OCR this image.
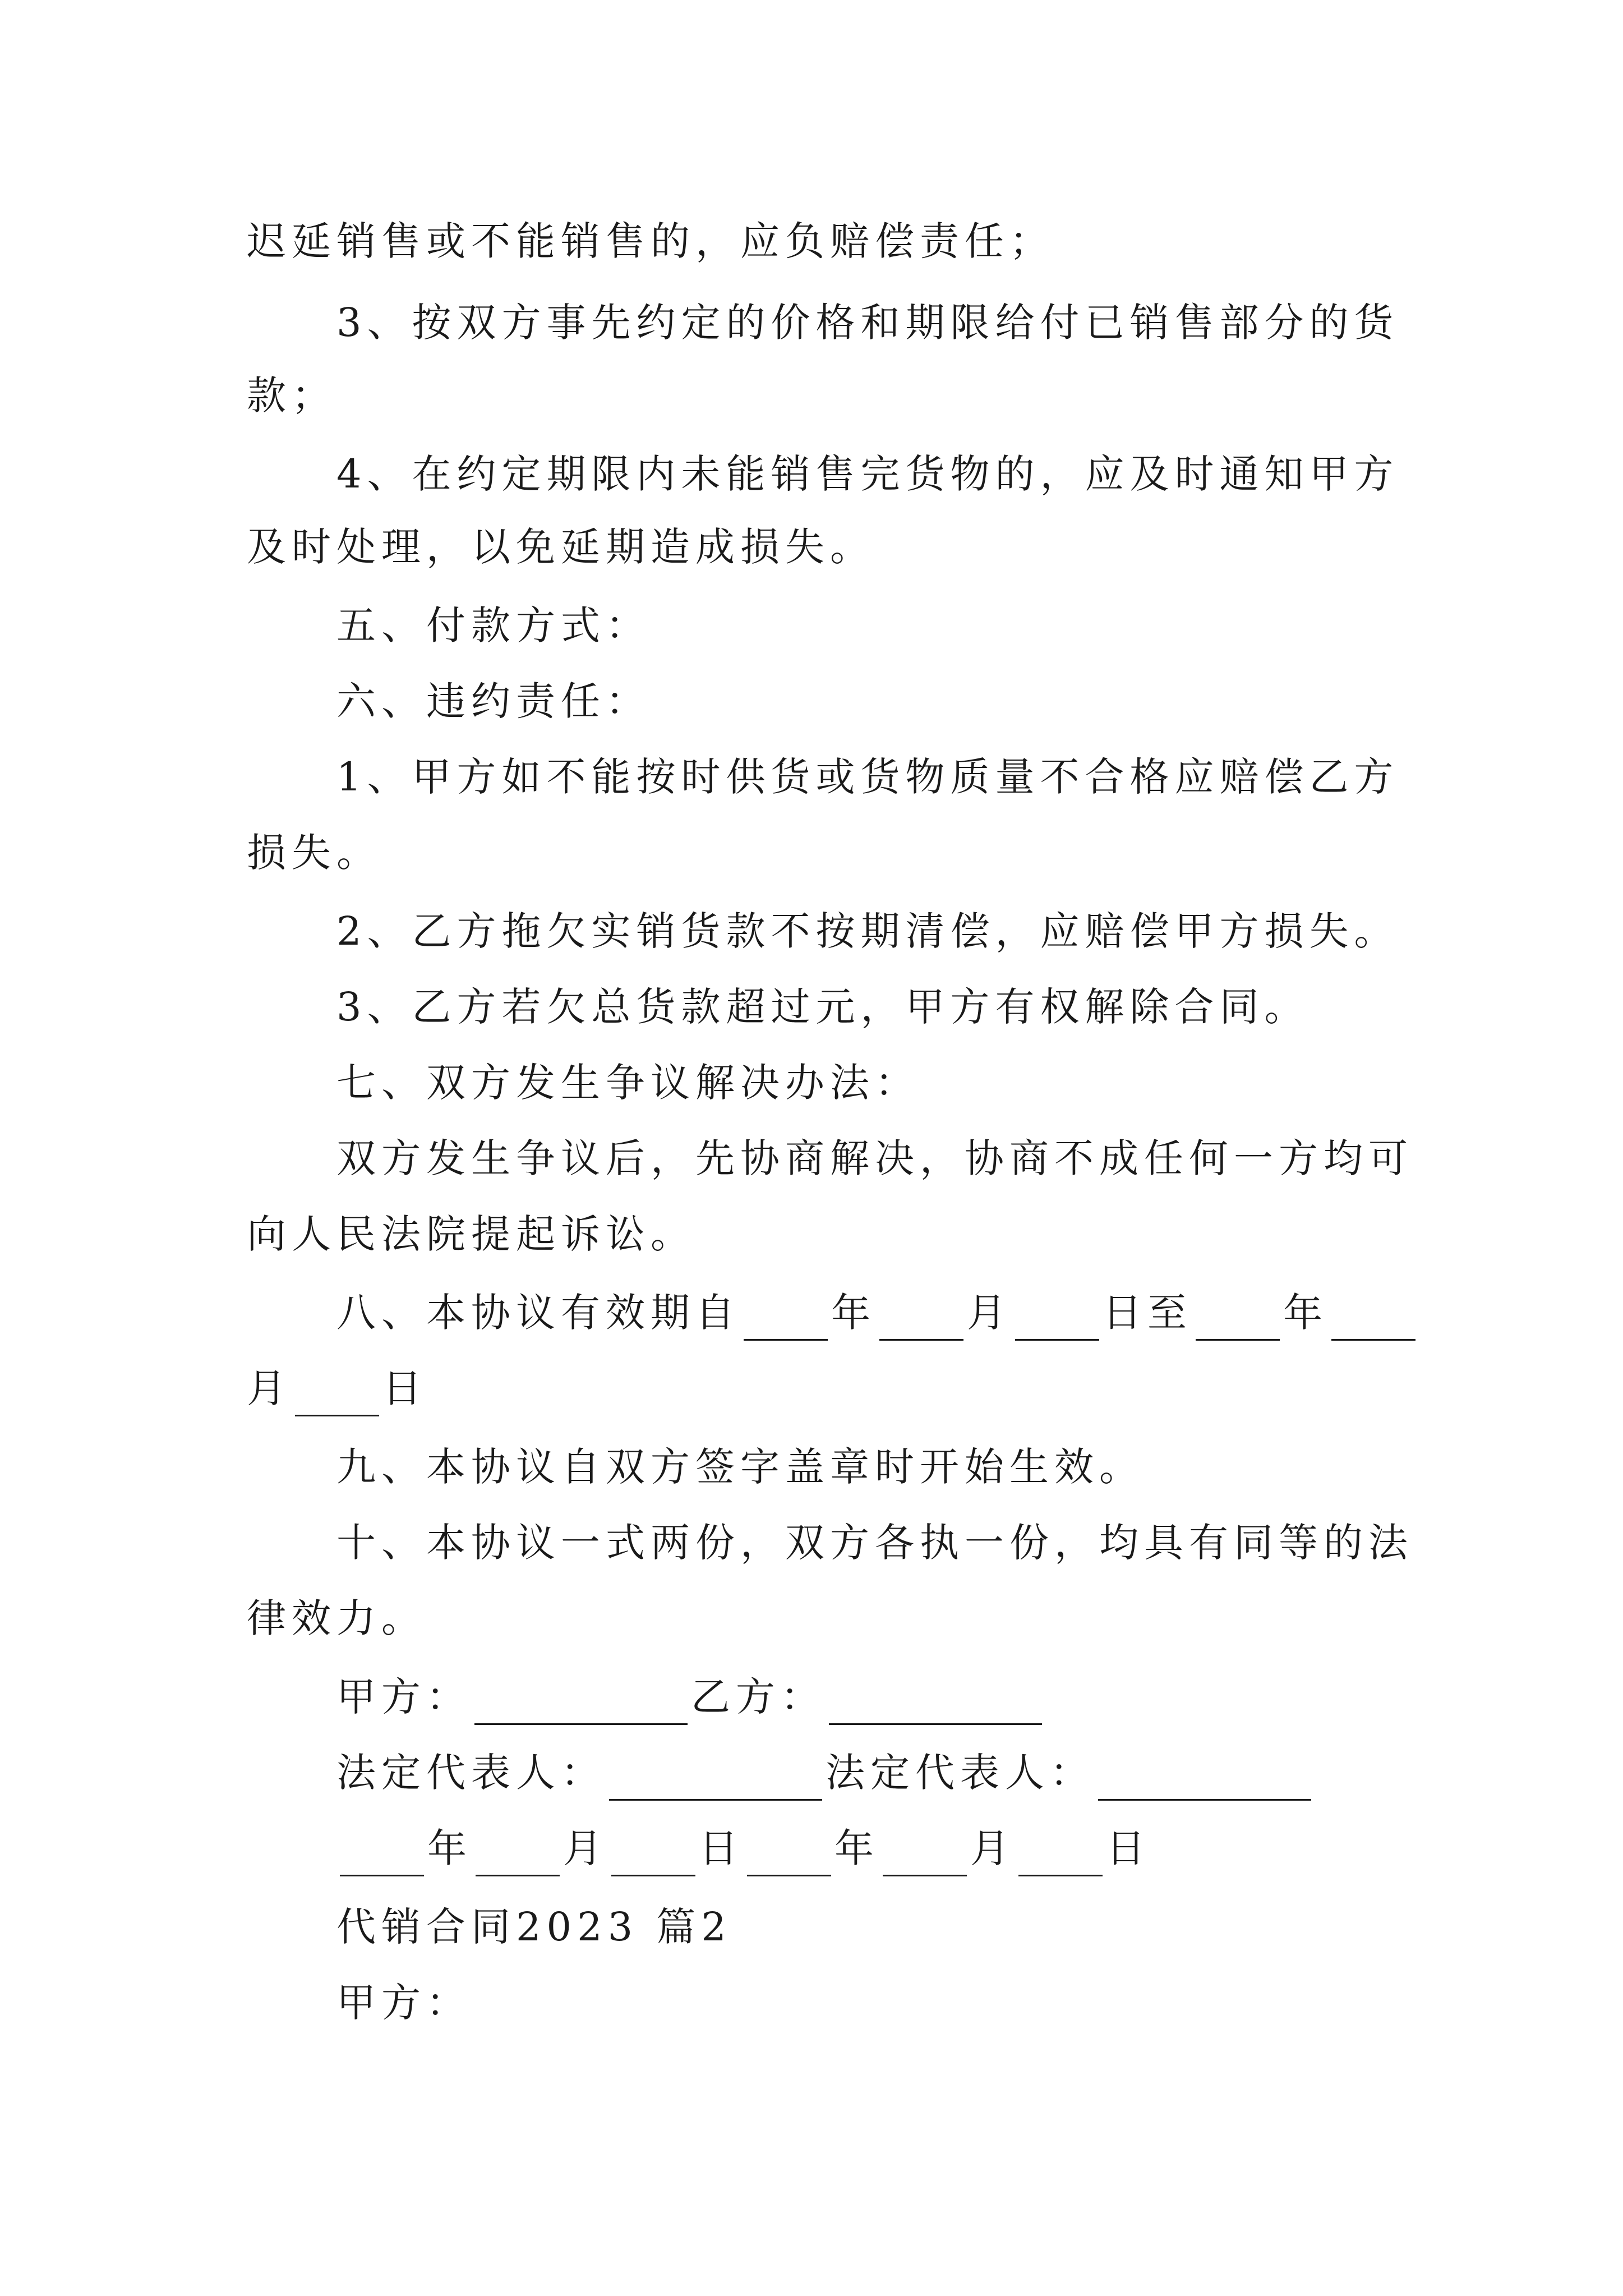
迟延销售或不能销售的，应负赔偿责任；
3、按双方事先约定的价格和期限给付已销售部分的货
款；
4、在约定期限内未能销售完货物的，应及时通知甲方
及时处理，以免延期造成损失。
五、付款方式：
六、违约责任：
1、甲方如不能按时供货或货物质量不合格应赔偿乙方
损失。
2、乙方拖欠实销货款不按期清偿，应赔偿甲方损失。
3、乙方若欠总货款超过元，甲方有权解除合同。
七、双方发生争议解决办法：
双方发生争议后，先协商解决，协商不成任何一方均可
向人民法院提起诉讼。
八、本协议有效期自 年 月 日至 年
月 日
九、本协议自双方签字盖章时开始生效。
十、本协议一式两份，双方各执一份，均具有同等的法
律效力。
甲方：	乙方：
法定代表人：	法定代表人：
年 月 日 年 月 日
代销合同2023 篇2
甲方：
